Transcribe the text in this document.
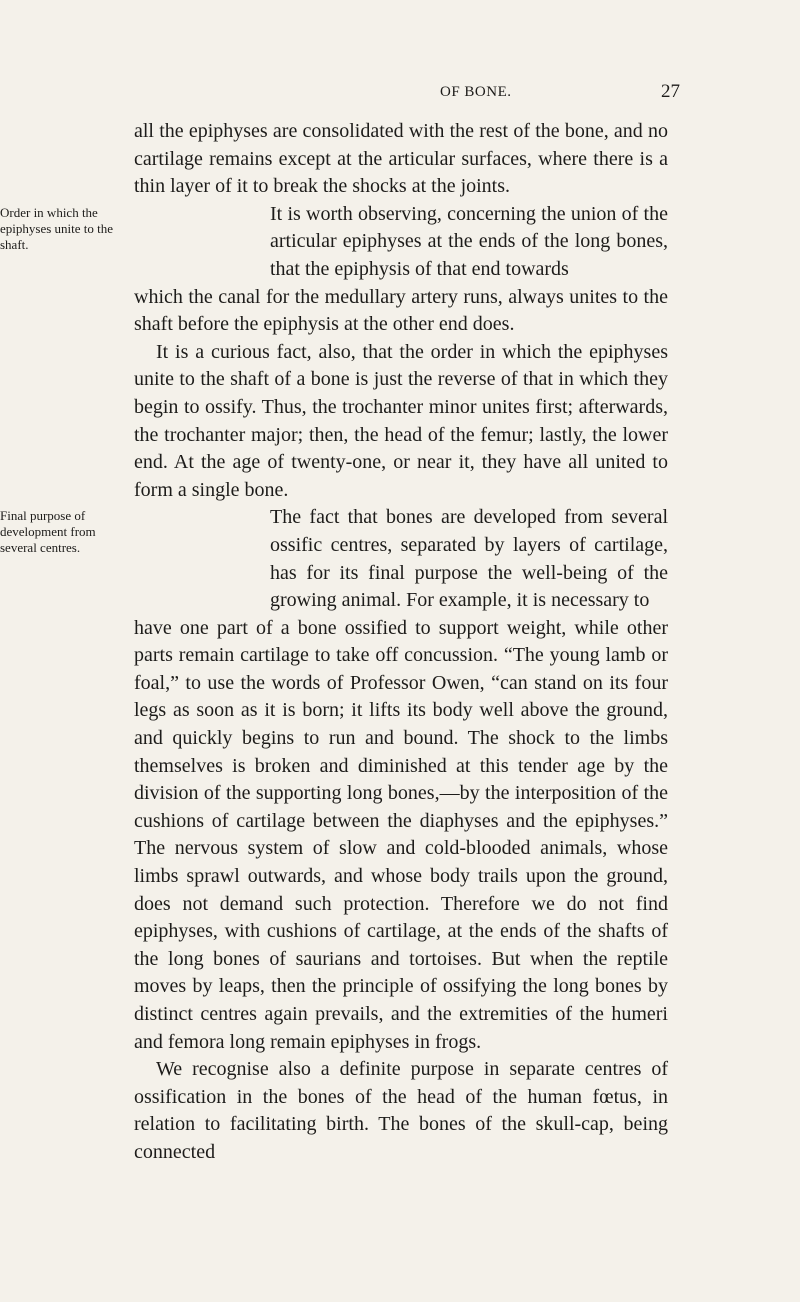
OF BONE.	27

all the epiphyses are consolidated with the rest of the bone, and no cartilage remains except at the articular surfaces, where there is a thin layer of it to break the shocks at the joints.

Order in which the epiphyses unite to the shaft.

It is worth observing, concerning the union of the articular epiphyses at the ends of the long bones, that the epiphysis of that end towards

which the canal for the medullary artery runs, always unites to the shaft before the epiphysis at the other end does.

It is a curious fact, also, that the order in which the epiphyses unite to the shaft of a bone is just the reverse of that in which they begin to ossify. Thus, the trochanter minor unites first; afterwards, the trochanter major; then, the head of the femur; lastly, the lower end. At the age of twenty-one, or near it, they have all united to form a single bone.

Final purpose of development from several centres.

The fact that bones are developed from several ossific centres, separated by layers of cartilage, has for its final purpose the well-being of the growing animal. For example, it is necessary to

have one part of a bone ossified to support weight, while other parts remain cartilage to take off concussion. “The young lamb or foal,” to use the words of Professor Owen, “can stand on its four legs as soon as it is born; it lifts its body well above the ground, and quickly begins to run and bound. The shock to the limbs themselves is broken and diminished at this tender age by the division of the supporting long bones,—by the interposition of the cushions of cartilage between the diaphyses and the epiphyses.” The nervous system of slow and cold-blooded animals, whose limbs sprawl outwards, and whose body trails upon the ground, does not demand such protection. Therefore we do not find epiphyses, with cushions of cartilage, at the ends of the shafts of the long bones of saurians and tortoises. But when the reptile moves by leaps, then the principle of ossifying the long bones by distinct centres again prevails, and the extremities of the humeri and femora long remain epiphyses in frogs.

We recognise also a definite purpose in separate centres of ossification in the bones of the head of the human fœtus, in relation to facilitating birth. The bones of the skull-cap, being connected
